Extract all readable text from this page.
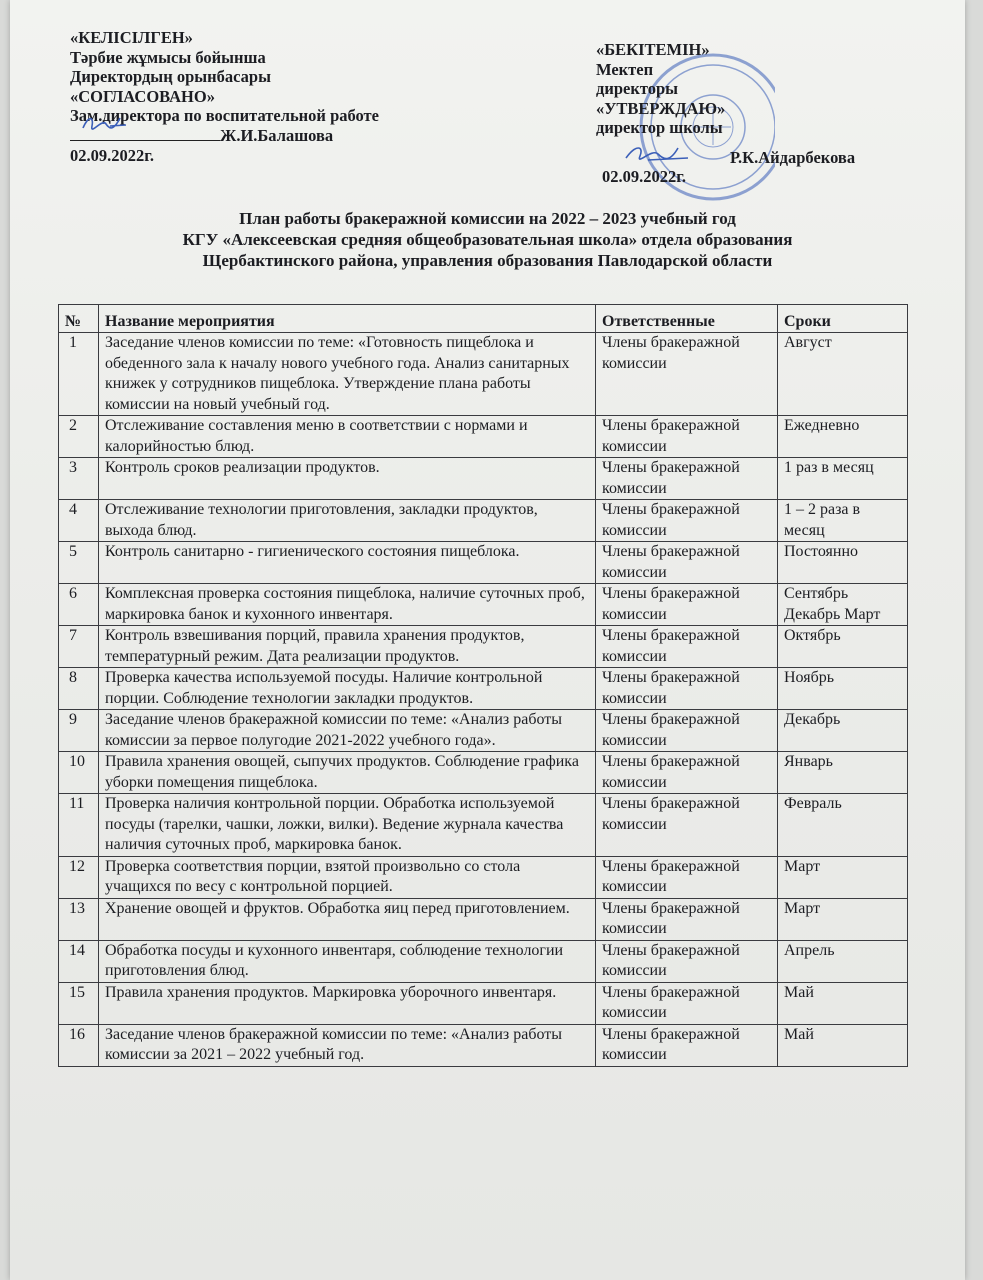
«КЕЛІСІЛГЕН»
Тәрбие жұмысы бойынша
Директордың орынбасары
«СОГЛАСОВАНО»
Зам.директора по воспитательной работе
Ж.И.Балашова
02.09.2022г.
«БЕКІТЕМІН»
Мектеп
директоры
«УТВЕРЖДАЮ»
директор школы
Р.К.Айдарбекова
02.09.2022г.
План работы бракеражной комиссии на 2022 – 2023 учебный год
КГУ «Алексеевская средняя общеобразовательная школа» отдела образования
Щербактинского района, управления образования Павлодарской области
№	Название мероприятия	Ответственные	Сроки
1	Заседание членов комиссии по теме: «Готовность пищеблока и обеденного зала к началу нового учебного года. Анализ санитарных книжек у сотрудников пищеблока. Утверждение плана работы комиссии на новый учебный год.	Члены бракеражной комиссии	Август
2	Отслеживание составления меню в соответствии с нормами и калорийностью блюд.	Члены бракеражной комиссии	Ежедневно
3	Контроль сроков реализации продуктов.	Члены бракеражной комиссии	1 раз в месяц
4	Отслеживание технологии приготовления, закладки продуктов, выхода блюд.	Члены бракеражной комиссии	1 – 2 раза в месяц
5	Контроль санитарно - гигиенического состояния пищеблока.	Члены бракеражной комиссии	Постоянно
6	Комплексная проверка состояния пищеблока, наличие суточных проб, маркировка банок и кухонного инвентаря.	Члены бракеражной комиссии	Сентябрь Декабрь Март
7	Контроль взвешивания порций, правила хранения продуктов, температурный режим. Дата реализации продуктов.	Члены бракеражной комиссии	Октябрь
8	Проверка качества используемой посуды. Наличие контрольной порции. Соблюдение технологии закладки продуктов.	Члены бракеражной комиссии	Ноябрь
9	Заседание членов бракеражной комиссии по теме: «Анализ работы комиссии за первое полугодие 2021-2022 учебного года».	Члены бракеражной комиссии	Декабрь
10	Правила хранения овощей, сыпучих продуктов. Соблюдение графика уборки помещения пищеблока.	Члены бракеражной комиссии	Январь
11	Проверка наличия контрольной порции. Обработка используемой посуды (тарелки, чашки, ложки, вилки). Ведение журнала качества наличия суточных проб, маркировка банок.	Члены бракеражной комиссии	Февраль
12	Проверка соответствия порции, взятой произвольно со стола учащихся по весу с контрольной порцией.	Члены бракеражной комиссии	Март
13	Хранение овощей и фруктов. Обработка яиц перед приготовлением.	Члены бракеражной комиссии	Март
14	Обработка посуды и кухонного инвентаря, соблюдение технологии приготовления блюд.	Члены бракеражной комиссии	Апрель
15	Правила хранения продуктов. Маркировка уборочного инвентаря.	Члены бракеражной комиссии	Май
16	Заседание членов бракеражной комиссии по теме: «Анализ работы комиссии за 2021 – 2022 учебный год.	Члены бракеражной комиссии	Май
